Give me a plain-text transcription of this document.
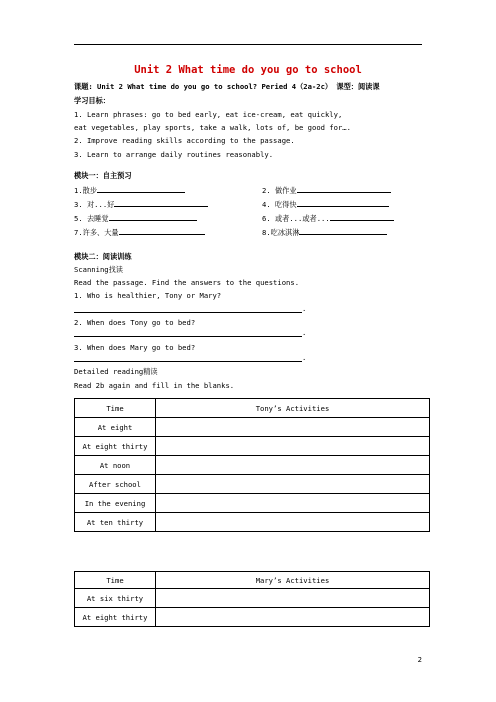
Unit 2 What time do you go to school
课题: Unit 2 What time do you go to school? Peried 4（2a-2c） 课型：阅读课
学习目标：
1. Learn phrases: go to bed early, eat ice-cream, eat quickly,
eat vegetables, play sports, take a walk, lots of, be good for….
2. Improve reading skills according to the passage.
3. Learn to arrange daily routines reasonably.
模块一：自主预习
1.散步	2. 做作业
3. 对...好	4. 吃得快
5. 去睡觉	6. 或者...或者...
7.许多、大量	8.吃冰淇淋
模块二：阅读训练
Scanning找读
Read the passage. Find the answers to the questions.
1. Who is healthier, Tony or Mary?
.
2. When does Tony go to bed?
.
3. When does Mary go to bed?
.
Detailed reading精读
Read 2b again and fill in the blanks.
Time	Tony’s Activities
At eight	
At eight thirty	
At noon	
After school	
In the evening	
At ten thirty	
Time	Mary’s Activities
At six thirty	
At eight thirty	
2
